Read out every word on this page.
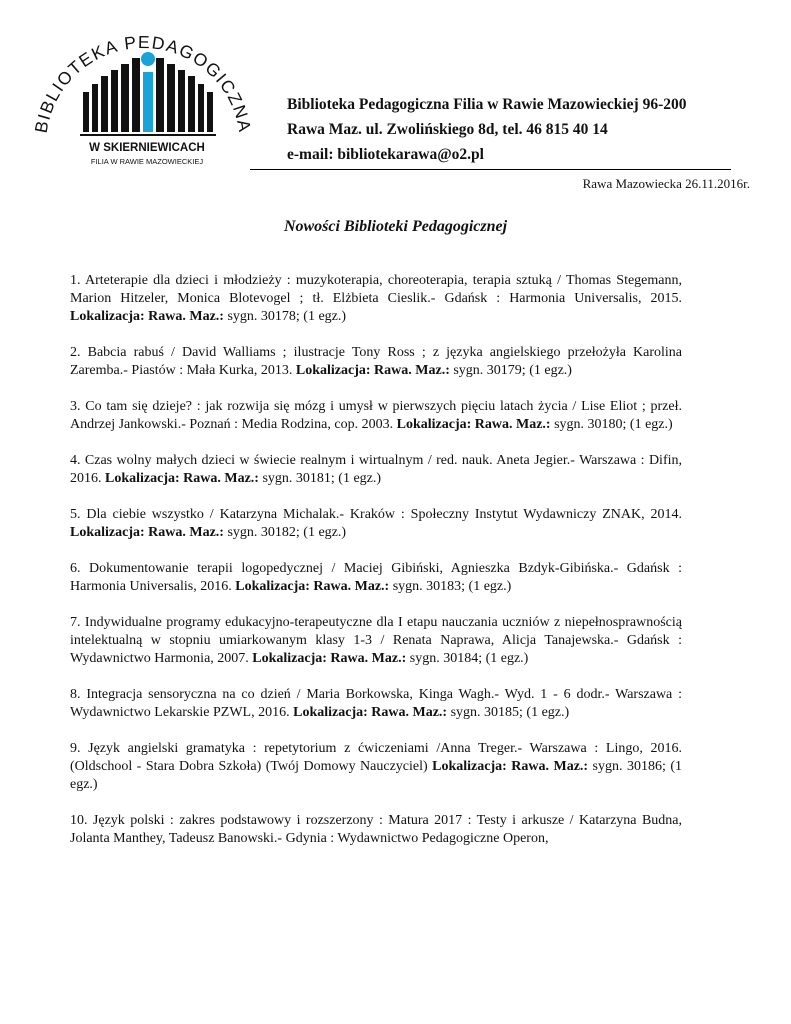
BIBLIOTEKA PEDAGOGICZNA
W SKIERNIEWICACH
FILIA W RAWIE MAZOWIECKIEJ
Biblioteka Pedagogiczna Filia w Rawie Mazowieckiej 96-200
Rawa Maz. ul. Zwolińskiego 8d, tel. 46 815 40 14
e-mail: bibliotekarawa@o2.pl
Rawa Mazowiecka 26.11.2016r.
Nowości Biblioteki Pedagogicznej

1. Arteterapie dla dzieci i młodzieży : muzykoterapia, choreoterapia, terapia sztuką / Thomas Stegemann, Marion Hitzeler, Monica Blotevogel ; tł. Elżbieta Cieslik.- Gdańsk : Harmonia Universalis, 2015. Lokalizacja: Rawa. Maz.: sygn. 30178; (1 egz.)

2. Babcia rabuś / David Walliams ; ilustracje Tony Ross ; z języka angielskiego przełożyła Karolina Zaremba.- Piastów : Mała Kurka, 2013. Lokalizacja: Rawa. Maz.: sygn. 30179; (1 egz.)

3. Co tam się dzieje? : jak rozwija się mózg i umysł w pierwszych pięciu latach życia / Lise Eliot ; przeł. Andrzej Jankowski.- Poznań : Media Rodzina, cop. 2003. Lokalizacja: Rawa. Maz.: sygn. 30180; (1 egz.)

4. Czas wolny małych dzieci w świecie realnym i wirtualnym / red. nauk. Aneta Jegier.- Warszawa : Difin, 2016. Lokalizacja: Rawa. Maz.: sygn. 30181; (1 egz.)

5. Dla ciebie wszystko / Katarzyna Michalak.- Kraków : Społeczny Instytut Wydawniczy ZNAK, 2014. Lokalizacja: Rawa. Maz.: sygn. 30182; (1 egz.)

6. Dokumentowanie terapii logopedycznej / Maciej Gibiński, Agnieszka Bzdyk-Gibińska.- Gdańsk : Harmonia Universalis, 2016. Lokalizacja: Rawa. Maz.: sygn. 30183; (1 egz.)

7. Indywidualne programy edukacyjno-terapeutyczne dla I etapu nauczania uczniów z niepełnosprawnością intelektualną w stopniu umiarkowanym klasy 1-3 / Renata Naprawa, Alicja Tanajewska.- Gdańsk : Wydawnictwo Harmonia, 2007. Lokalizacja: Rawa. Maz.: sygn. 30184; (1 egz.)

8. Integracja sensoryczna na co dzień / Maria Borkowska, Kinga Wagh.- Wyd. 1 - 6 dodr.- Warszawa : Wydawnictwo Lekarskie PZWL, 2016. Lokalizacja: Rawa. Maz.: sygn. 30185; (1 egz.)

9. Język angielski gramatyka : repetytorium z ćwiczeniami /Anna Treger.- Warszawa : Lingo, 2016. (Oldschool - Stara Dobra Szkoła) (Twój Domowy Nauczyciel) Lokalizacja: Rawa. Maz.: sygn. 30186; (1 egz.)

10. Język polski : zakres podstawowy i rozszerzony : Matura 2017 : Testy i arkusze / Katarzyna Budna, Jolanta Manthey, Tadeusz Banowski.- Gdynia : Wydawnictwo Pedagogiczne Operon,
